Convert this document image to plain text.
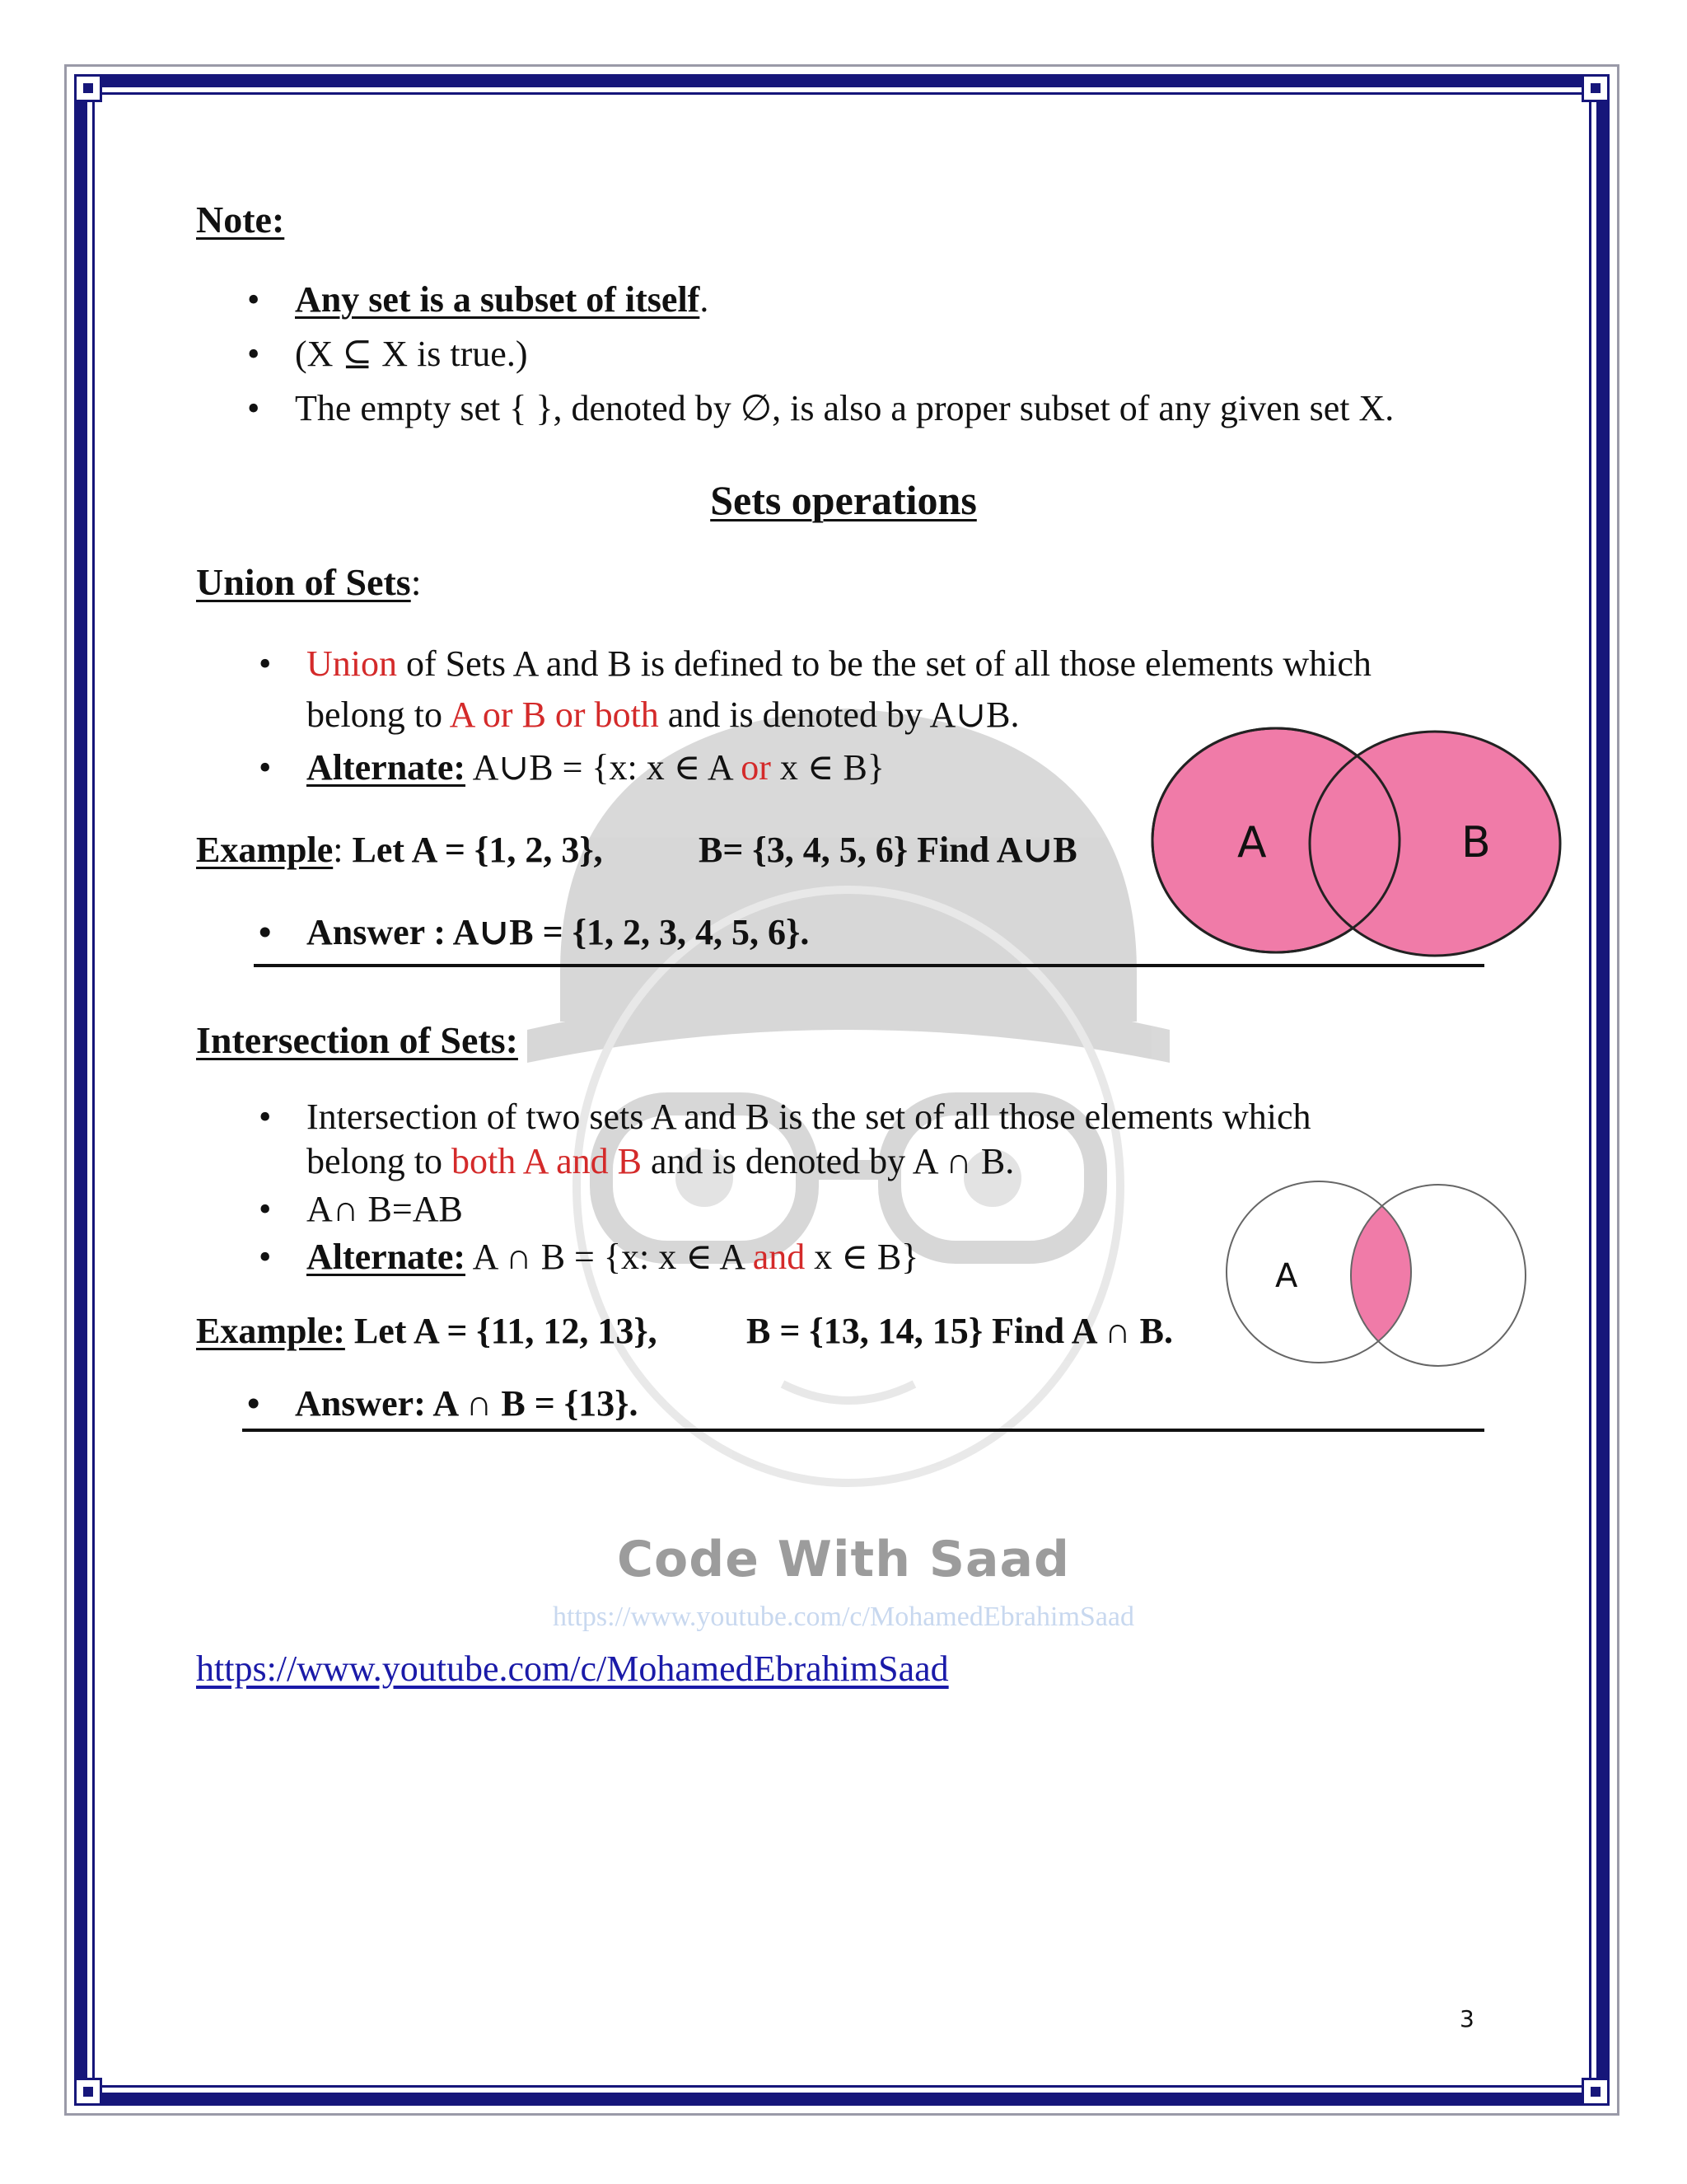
Note:
• Any set is a subset of itself.
• (X ⊆ X is true.)
• The empty set { }, denoted by ∅, is also a proper subset of any given set X.
Sets operations
Union of Sets:
• Union of Sets A and B is defined to be the set of all those elements which
belong to A or B or both and is denoted by A∪B.
• Alternate: A∪B = {x: x ∈ A or x ∈ B}
Example: Let A = {1, 2, 3},	B= {3, 4, 5, 6} Find A∪B
• Answer : A∪B = {1, 2, 3, 4, 5, 6}.
A	B
Intersection of Sets:
• Intersection of two sets A and B is the set of all those elements which
belong to both A and B and is denoted by A ∩ B.
• A∩ B=AB
• Alternate: A ∩ B = {x: x ∈ A and x ∈ B}
Example: Let A = {11, 12, 13}, B = {13, 14, 15} Find A ∩ B.
• Answer: A ∩ B = {13}.
A
Code With Saad
https://www.youtube.com/c/MohamedEbrahimSaad
https://www.youtube.com/c/MohamedEbrahimSaad
3
